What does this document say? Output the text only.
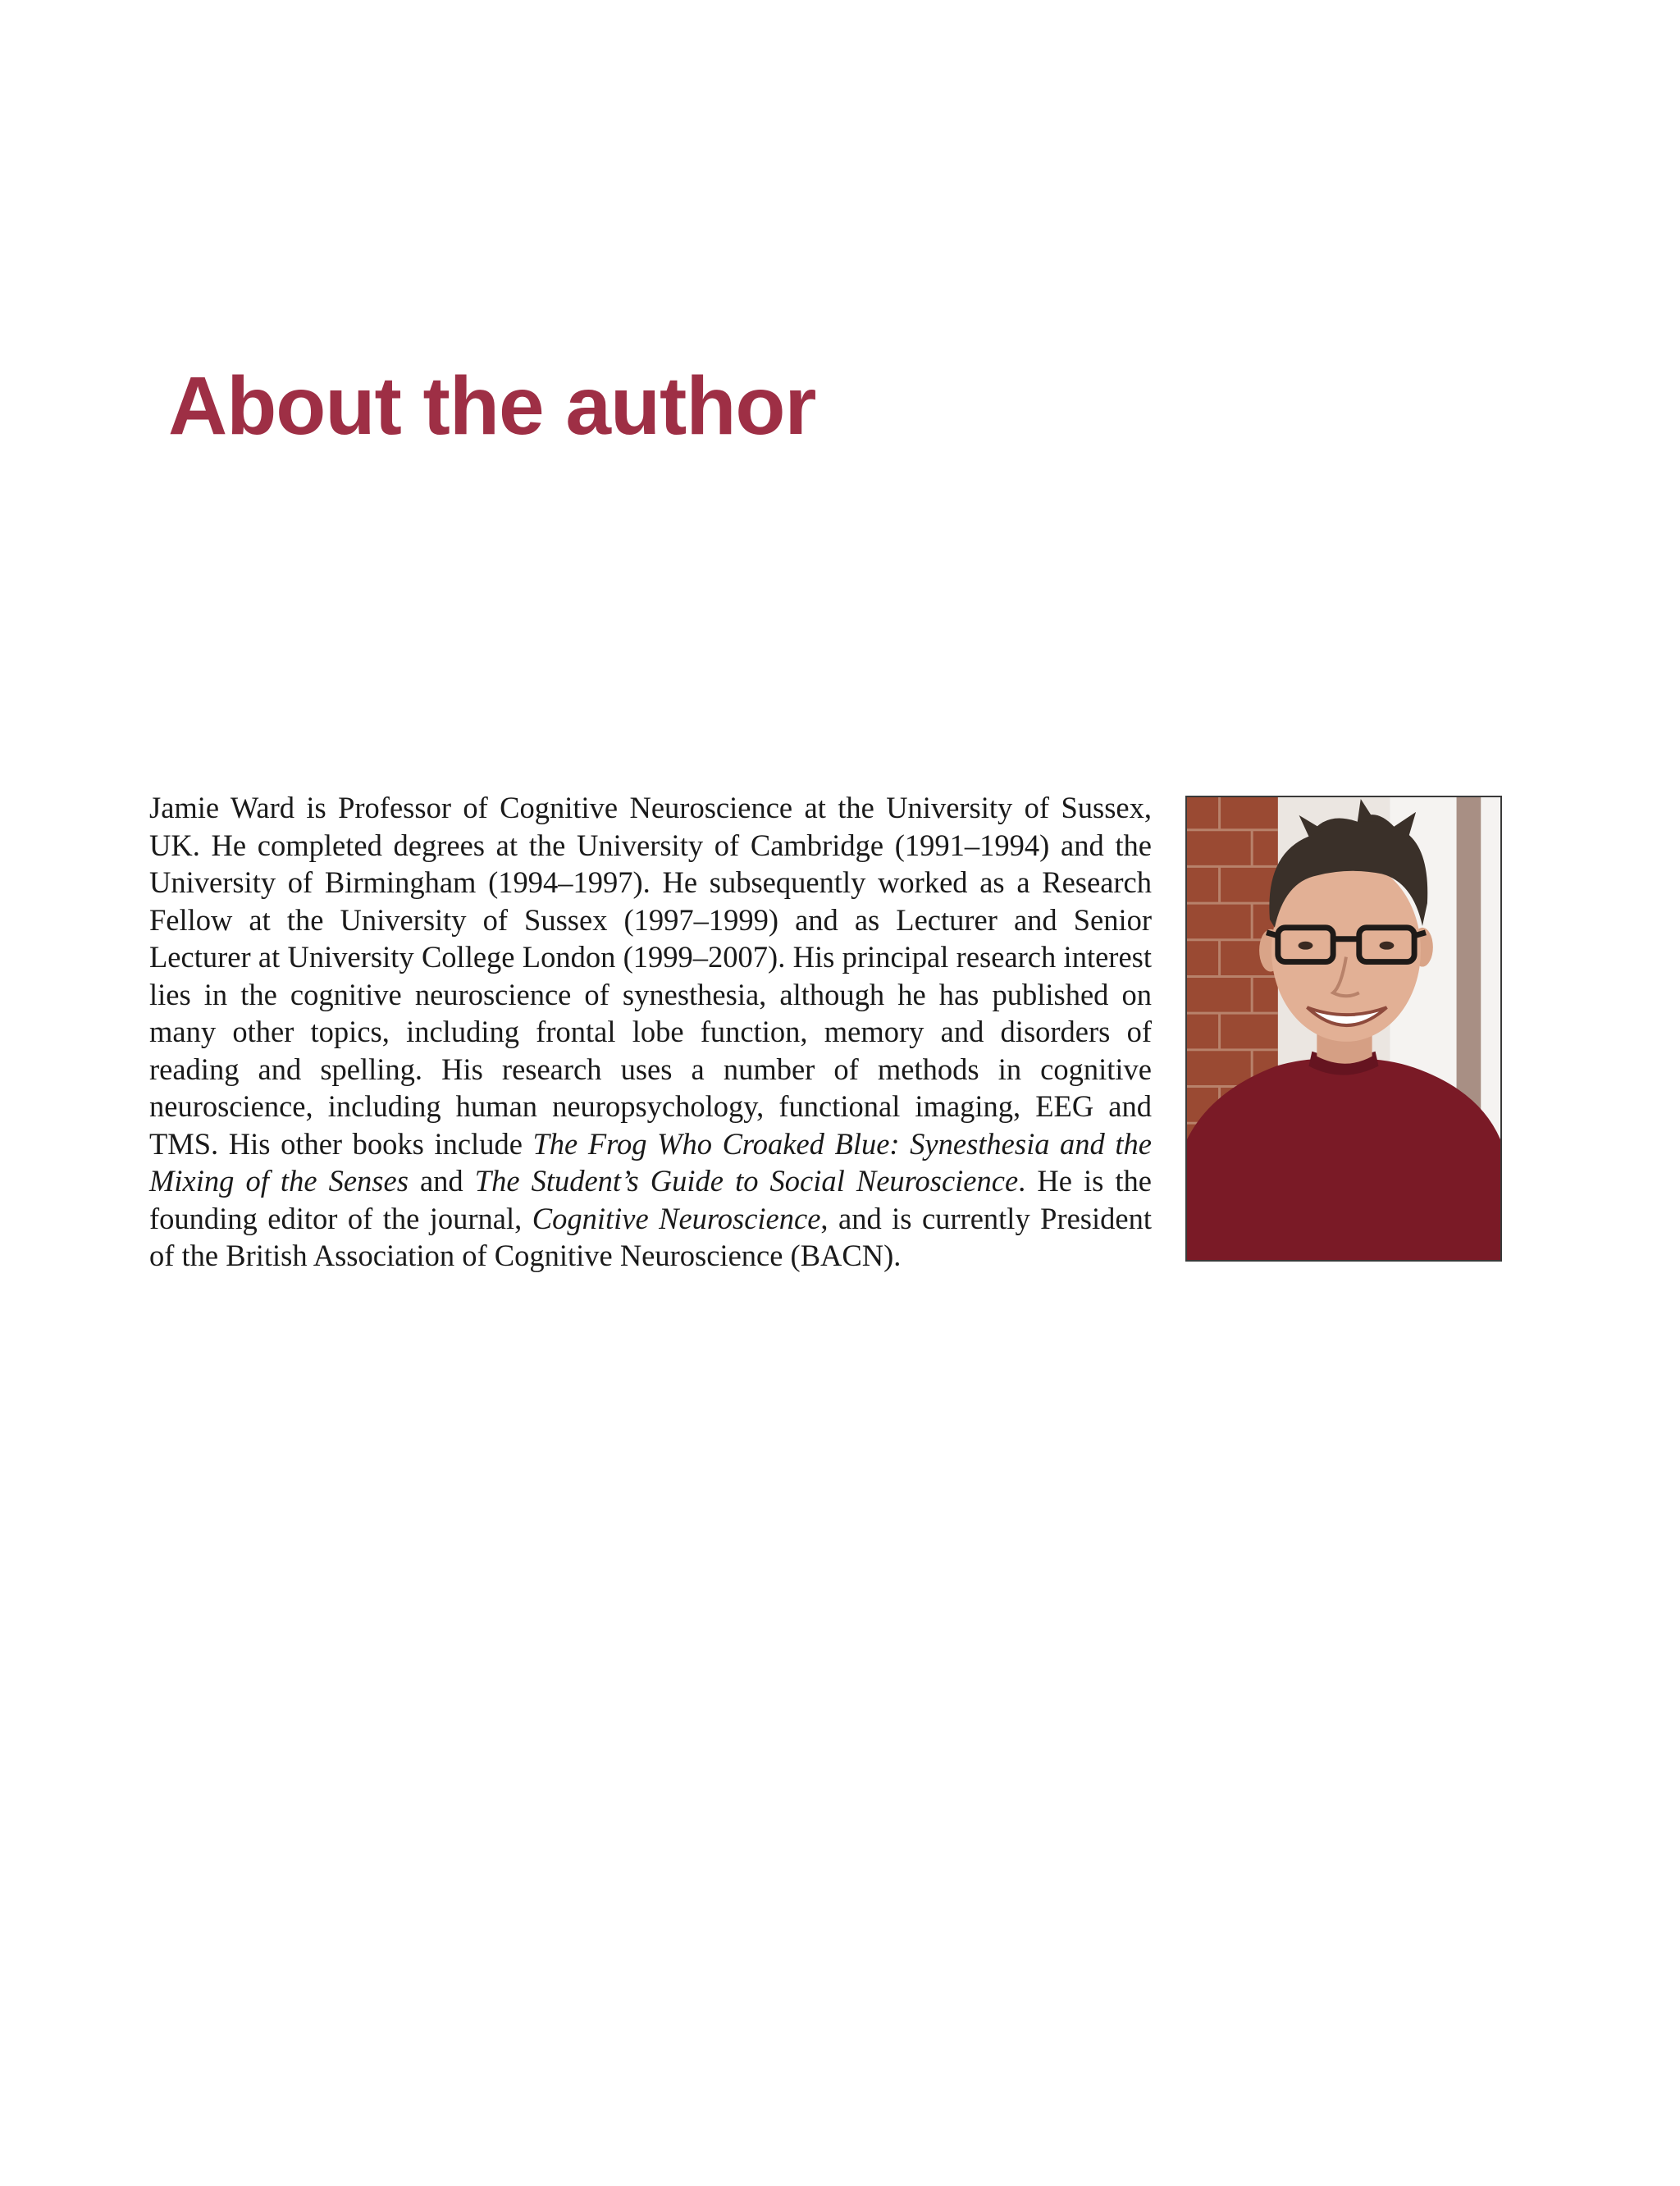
About the author

Jamie Ward is Professor of Cognitive Neuroscience at the University of Sussex, UK. He completed degrees at the University of Cambridge (1991–1994) and the University of Birmingham (1994–1997). He subsequently worked as a Research Fellow at the University of Sussex (1997–1999) and as Lecturer and Senior Lecturer at University College London (1999–2007). His principal research interest lies in the cognitive neuroscience of synesthesia, although he has published on many other topics, including frontal lobe function, memory and disorders of reading and spelling. His research uses a number of methods in cognitive neuroscience, including human neuropsychology, functional imaging, EEG and TMS. His other books include The Frog Who Croaked Blue: Synesthesia and the Mixing of the Senses and The Student’s Guide to Social Neuroscience. He is the founding editor of the journal, Cognitive Neuroscience, and is currently President of the British Association of Cognitive Neuroscience (BACN).
